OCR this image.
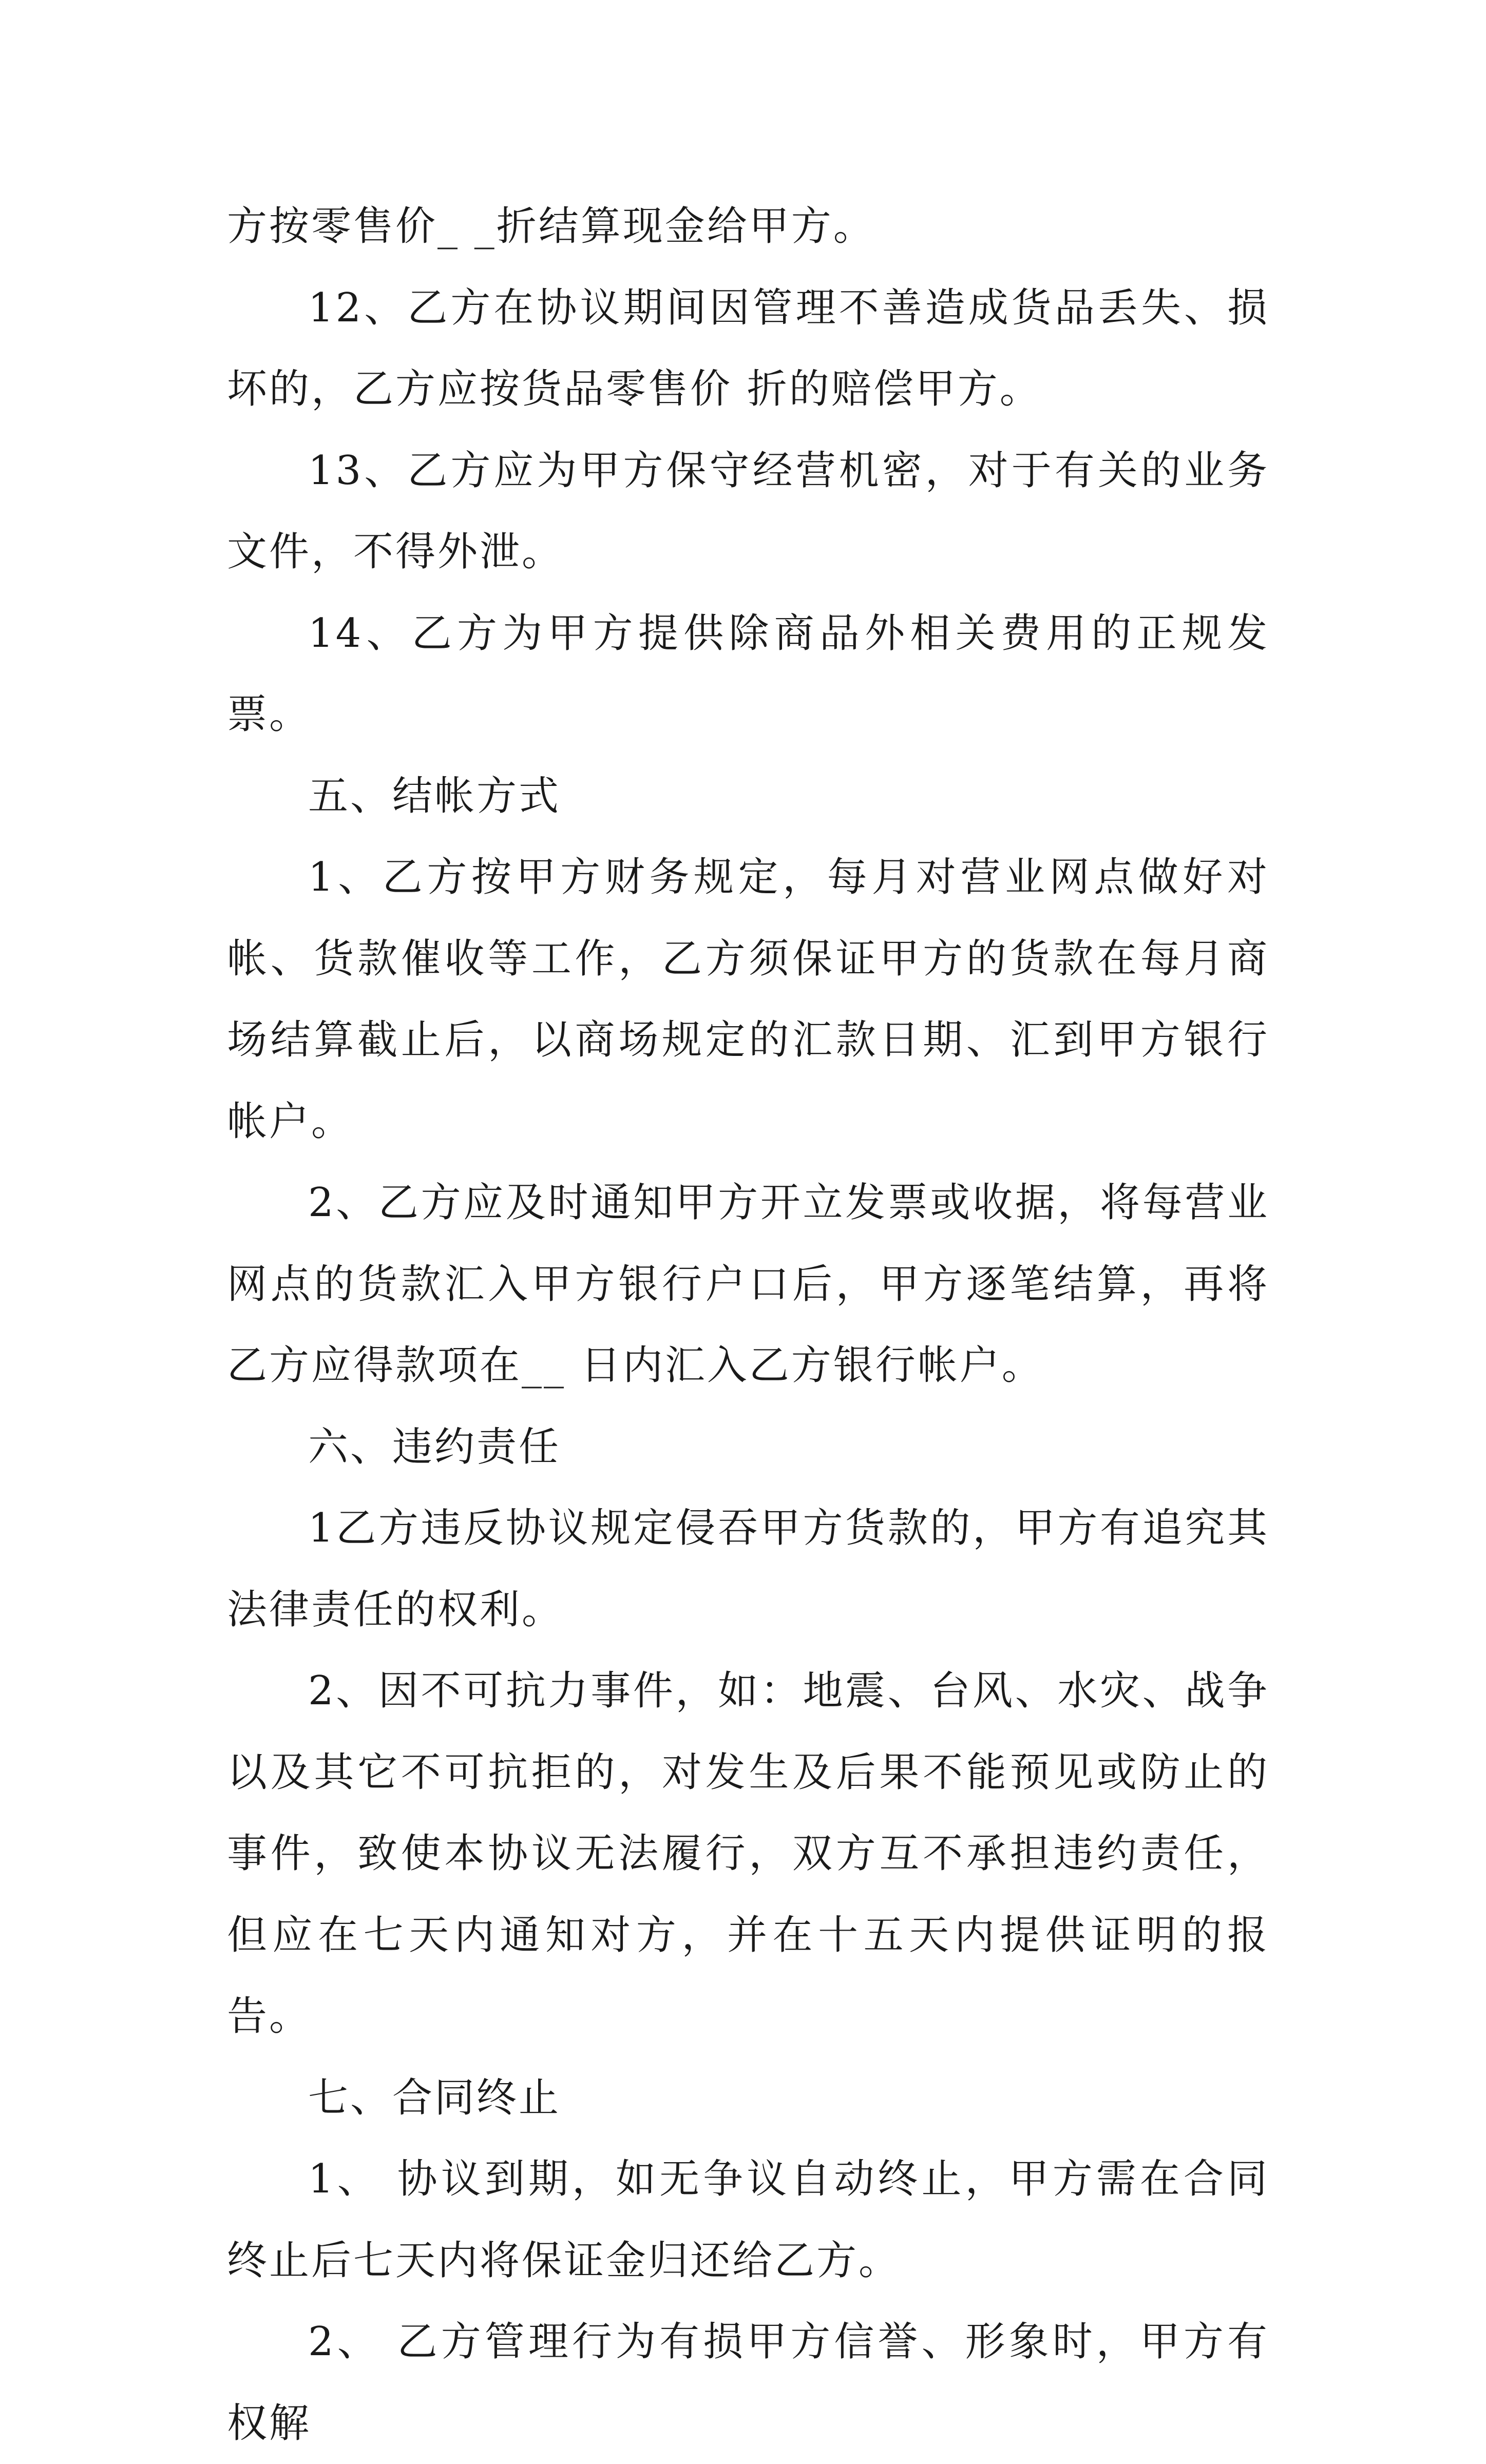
方按零售价_ _折结算现金给甲方。

12、乙方在协议期间因管理不善造成货品丢失、损坏的，乙方应按货品零售价 折的赔偿甲方。

13、乙方应为甲方保守经营机密，对于有关的业务文件，不得外泄。

14、乙方为甲方提供除商品外相关费用的正规发票。

五、结帐方式

1、乙方按甲方财务规定，每月对营业网点做好对帐、货款催收等工作，乙方须保证甲方的货款在每月商场结算截止后，以商场规定的汇款日期、汇到甲方银行帐户。

2、乙方应及时通知甲方开立发票或收据，将每营业网点的货款汇入甲方银行户口后，甲方逐笔结算，再将乙方应得款项在__ 日内汇入乙方银行帐户。

六、违约责任

1乙方违反协议规定侵吞甲方货款的，甲方有追究其法律责任的权利。

2、因不可抗力事件，如：地震、台风、水灾、战争以及其它不可抗拒的，对发生及后果不能预见或防止的事件，致使本协议无法履行，双方互不承担违约责任，但应在七天内通知对方，并在十五天内提供证明的报告。

七、合同终止

1、 协议到期，如无争议自动终止，甲方需在合同终止后七天内将保证金归还给乙方。

2、 乙方管理行为有损甲方信誉、形象时，甲方有权解
